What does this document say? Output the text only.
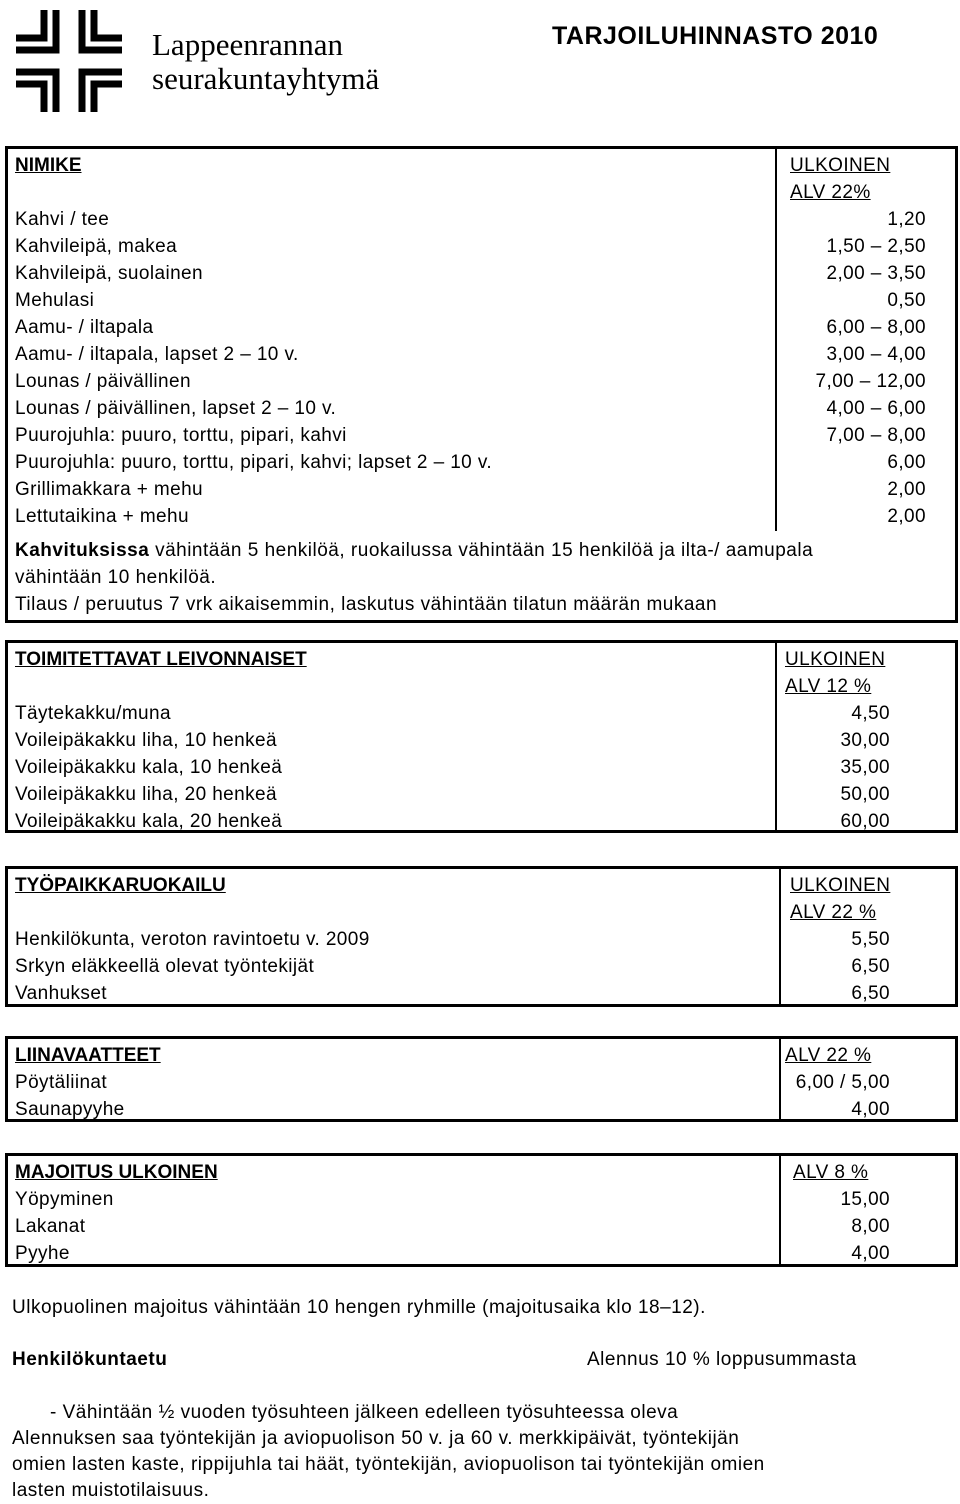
Lappeenrannan
seurakuntayhtymä
TARJOILUHINNASTO 2010
NIMIKE	ULKOINEN
ALV 22%
Kahvi / tee	1,20
Kahvileipä, makea	1,50 – 2,50
Kahvileipä, suolainen	2,00 – 3,50
Mehulasi	0,50
Aamu- / iltapala	6,00 – 8,00
Aamu- / iltapala, lapset 2 – 10 v.	3,00 – 4,00
Lounas / päivällinen	7,00 – 12,00
Lounas / päivällinen, lapset 2 – 10 v.	4,00 – 6,00
Puurojuhla: puuro, torttu, pipari, kahvi	7,00 – 8,00
Puurojuhla: puuro, torttu, pipari, kahvi; lapset 2 – 10 v.	6,00
Grillimakkara + mehu	2,00
Lettutaikina + mehu	2,00
Kahvituksissa vähintään 5 henkilöä, ruokailussa vähintään 15 henkilöä ja ilta-/ aamupala vähintään 10 henkilöä.
Tilaus / peruutus 7 vrk aikaisemmin, laskutus vähintään tilatun määrän mukaan
TOIMITETTAVAT LEIVONNAISET	ULKOINEN
ALV 12 %
Täytekakku/muna	4,50
Voileipäkakku liha, 10 henkeä	30,00
Voileipäkakku kala, 10 henkeä	35,00
Voileipäkakku liha, 20 henkeä	50,00
Voileipäkakku kala, 20 henkeä	60,00
TYÖPAIKKARUOKAILU	ULKOINEN
ALV 22 %
Henkilökunta, veroton ravintoetu v. 2009	5,50
Srkyn eläkkeellä olevat työntekijät	6,50
Vanhukset	6,50
LIINAVAATTEET	ALV 22 %
Pöytäliinat	6,00 / 5,00
Saunapyyhe	4,00
MAJOITUS ULKOINEN	ALV 8 %
Yöpyminen	15,00
Lakanat	8,00
Pyyhe	4,00
Ulkopuolinen majoitus vähintään 10 hengen ryhmille (majoitusaika klo 18–12).
Henkilökuntaetu	Alennus 10 % loppusummasta
- Vähintään ½ vuoden työsuhteen jälkeen edelleen työsuhteessa oleva
Alennuksen saa työntekijän ja aviopuolison 50 v. ja 60 v. merkkipäivät, työntekijän
omien lasten kaste, rippijuhla tai häät, työntekijän, aviopuolison tai työntekijän omien
lasten muistotilaisuus.
